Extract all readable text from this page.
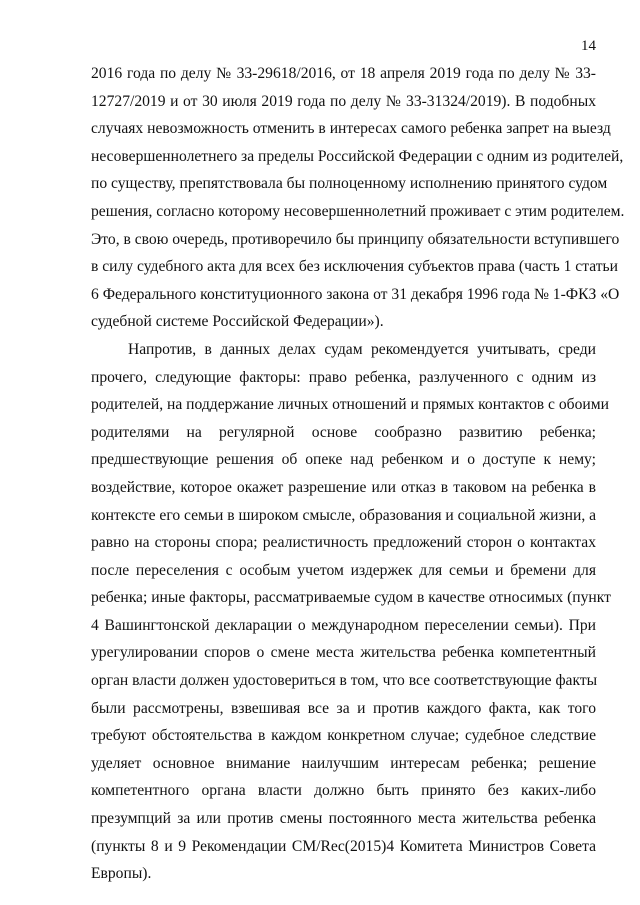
14
2016 года по делу № 33-29618/2016, от 18 апреля 2019 года по делу № 33-
12727/2019 и от 30 июля 2019 года по делу № 33-31324/2019). В подобных
случаях невозможность отменить в интересах самого ребенка запрет на выезд
несовершеннолетнего за пределы Российской Федерации с одним из родителей,
по существу, препятствовала бы полноценному исполнению принятого судом
решения, согласно которому несовершеннолетний проживает с этим родителем.
Это, в свою очередь, противоречило бы принципу обязательности вступившего
в силу судебного акта для всех без исключения субъектов права (часть 1 статьи
6 Федерального конституционного закона от 31 декабря 1996 года № 1-ФКЗ «О
судебной системе Российской Федерации»).
Напротив, в данных делах судам рекомендуется учитывать, среди
прочего, следующие факторы: право ребенка, разлученного с одним из
родителей, на поддержание личных отношений и прямых контактов с обоими
родителями на регулярной основе сообразно развитию ребенка;
предшествующие решения об опеке над ребенком и о доступе к нему;
воздействие, которое окажет разрешение или отказ в таковом на ребенка в
контексте его семьи в широком смысле, образования и социальной жизни, а
равно на стороны спора; реалистичность предложений сторон о контактах
после переселения с особым учетом издержек для семьи и бремени для
ребенка; иные факторы, рассматриваемые судом в качестве относимых (пункт
4 Вашингтонской декларации о международном переселении семьи). При
урегулировании споров о смене места жительства ребенка компетентный
орган власти должен удостовериться в том, что все соответствующие факты
были рассмотрены, взвешивая все за и против каждого факта, как того
требуют обстоятельства в каждом конкретном случае; судебное следствие
уделяет основное внимание наилучшим интересам ребенка; решение
компетентного органа власти должно быть принято без каких-либо
презумпций за или против смены постоянного места жительства ребенка
(пункты 8 и 9 Рекомендации CM/Rec(2015)4 Комитета Министров Совета
Европы).
